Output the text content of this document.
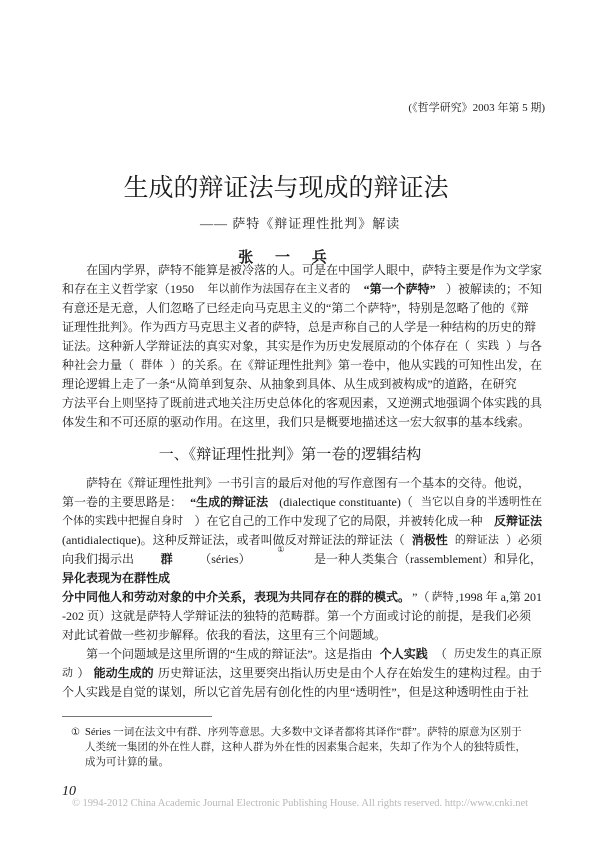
(《哲学研究》2003 年第 5 期)
生成的辩证法与现成的辩证法
—— 萨特《辩证理性批判》解读
张 一 兵
在国内学界，萨特不能算是被冷落的人。可是在中国学人眼中，萨特主要是作为文学家
和存在主义哲学家（1950 年以前作为法国存在主义者的 “第一个萨特” ）被解读的；不知
有意还是无意，人们忽略了已经走向马克思主义的“第二个萨特”，特别是忽略了他的《辩
证理性批判》。作为西方马克思主义者的萨特，总是声称自己的人学是一种结构的历史的辩
证法。这种新人学辩证法的真实对象，其实是作为历史发展原动的个体存在（ 实践 ）与各
种社会力量（ 群体 ）的关系。在《辩证理性批判》第一卷中，他从实践的可知性出发，在
理论逻辑上走了一条“从简单到复杂、从抽象到具体、从生成到被构成”的道路，在研究
方法平台上则坚持了既前进式地关注历史总体化的客观因素，又逆溯式地强调个体实践的具
体发生和不可还原的驱动作用。在这里，我们只是概要地描述这一宏大叙事的基本线索。
一、《辩证理性批判》第一卷的逻辑结构
萨特在《辩证理性批判》一书引言的最后对他的写作意图有一个基本的交待。他说，
第一卷的主要思路是： “生成的辩证法 (dialectique constituante)（ 当它以自身的半透明性在
个体的实践中把握自身时 ）在它自己的工作中发现了它的局限，并被转化成一种 反辩证法
(antidialectique)。这种反辩证法，或者叫做反对辩证法的辩证法（ 消极性 的辩证法 ）必须
向我们揭示出 群 （séries）
①
是一种人类集合（rassemblement）和异化，
异化表现为在群性成
分中同他人和劳动对象的中介关系，表现为共同存在的群的模式。 ”（ 萨特 ,1998 年 a,第 201
-202 页）这就是萨特人学辩证法的独特的范畴群。第一个方面或讨论的前提，是我们必须
对此试着做一些初步解释。依我的看法，这里有三个问题域。
第一个问题域是这里所谓的“生成的辩证法”。这是指由 个人实践 （ 历史发生的真正原
动 ） 能动生成的 历史辩证法，这里要突出指认历史是由个人存在始发生的建构过程。由于
个人实践是自觉的谋划，所以它首先居有创化性的内里“透明性”，但是这种透明性由于社
① Séries 一词在法文中有群、序列等意思。大多数中文译者都将其译作“群”。萨特的原意为区别于
人类统一集团的外在性人群，这种人群为外在性的因素集合起来，失却了作为个人的独特质性，
成为可计算的量。
10
© 1994-2012 China Academic Journal Electronic Publishing House. All rights reserved. http://www.cnki.net
